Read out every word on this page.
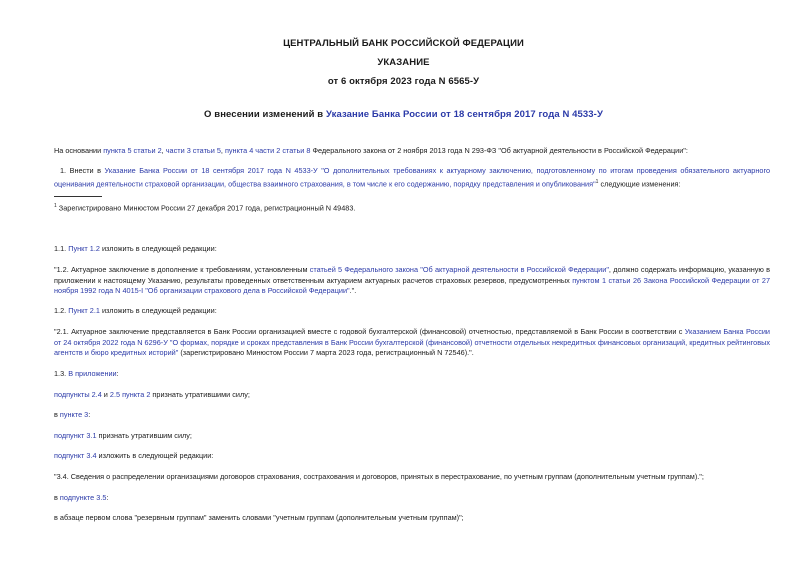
ЦЕНТРАЛЬНЫЙ БАНК РОССИЙСКОЙ ФЕДЕРАЦИИ
УКАЗАНИЕ
от 6 октября 2023 года N 6565-У
О внесении изменений в Указание Банка России от 18 сентября 2017 года N 4533-У
На основании пункта 5 статьи 2, части 3 статьи 5, пункта 4 части 2 статьи 8 Федерального закона от 2 ноября 2013 года N 293-ФЗ "Об актуарной деятельности в Российской Федерации":
1. Внести в Указание Банка России от 18 сентября 2017 года N 4533-У "О дополнительных требованиях к актуарному заключению, подготовленному по итогам проведения обязательного актуарного оценивания деятельности страховой организации, общества взаимного страхования, в том числе к его содержанию, порядку представления и опубликования"$^1$ следующие изменения:
$^1$ Зарегистрировано Минюстом России 27 декабря 2017 года, регистрационный N 49483.
1.1. Пункт 1.2 изложить в следующей редакции:
"1.2. Актуарное заключение в дополнение к требованиям, установленным статьей 5 Федерального закона "Об актуарной деятельности в Российской Федерации", должно содержать информацию, указанную в приложении к настоящему Указанию, результаты проведенных ответственным актуарием актуарных расчетов страховых резервов, предусмотренных пунктом 1 статьи 26 Закона Российской Федерации от 27 ноября 1992 года N 4015-I "Об организации страхового дела в Российской Федерации".".
1.2. Пункт 2.1 изложить в следующей редакции:
"2.1. Актуарное заключение представляется в Банк России организацией вместе с годовой бухгалтерской (финансовой) отчетностью, представляемой в Банк России в соответствии с Указанием Банка России от 24 октября 2022 года N 6296-У "О формах, порядке и сроках представления в Банк России бухгалтерской (финансовой) отчетности отдельных некредитных финансовых организаций, кредитных рейтинговых агентств и бюро кредитных историй" (зарегистрировано Минюстом России 7 марта 2023 года, регистрационный N 72546).".
1.3. В приложении:
подпункты 2.4 и 2.5 пункта 2 признать утратившими силу;
в пункте 3:
подпункт 3.1 признать утратившим силу;
подпункт 3.4 изложить в следующей редакции:
"3.4. Сведения о распределении организациями договоров страхования, сострахования и договоров, принятых в перестрахование, по учетным группам (дополнительным учетным группам).";
в подпункте 3.5:
в абзаце первом слова "резервным группам" заменить словами "учетным группам (дополнительным учетным группам)";
